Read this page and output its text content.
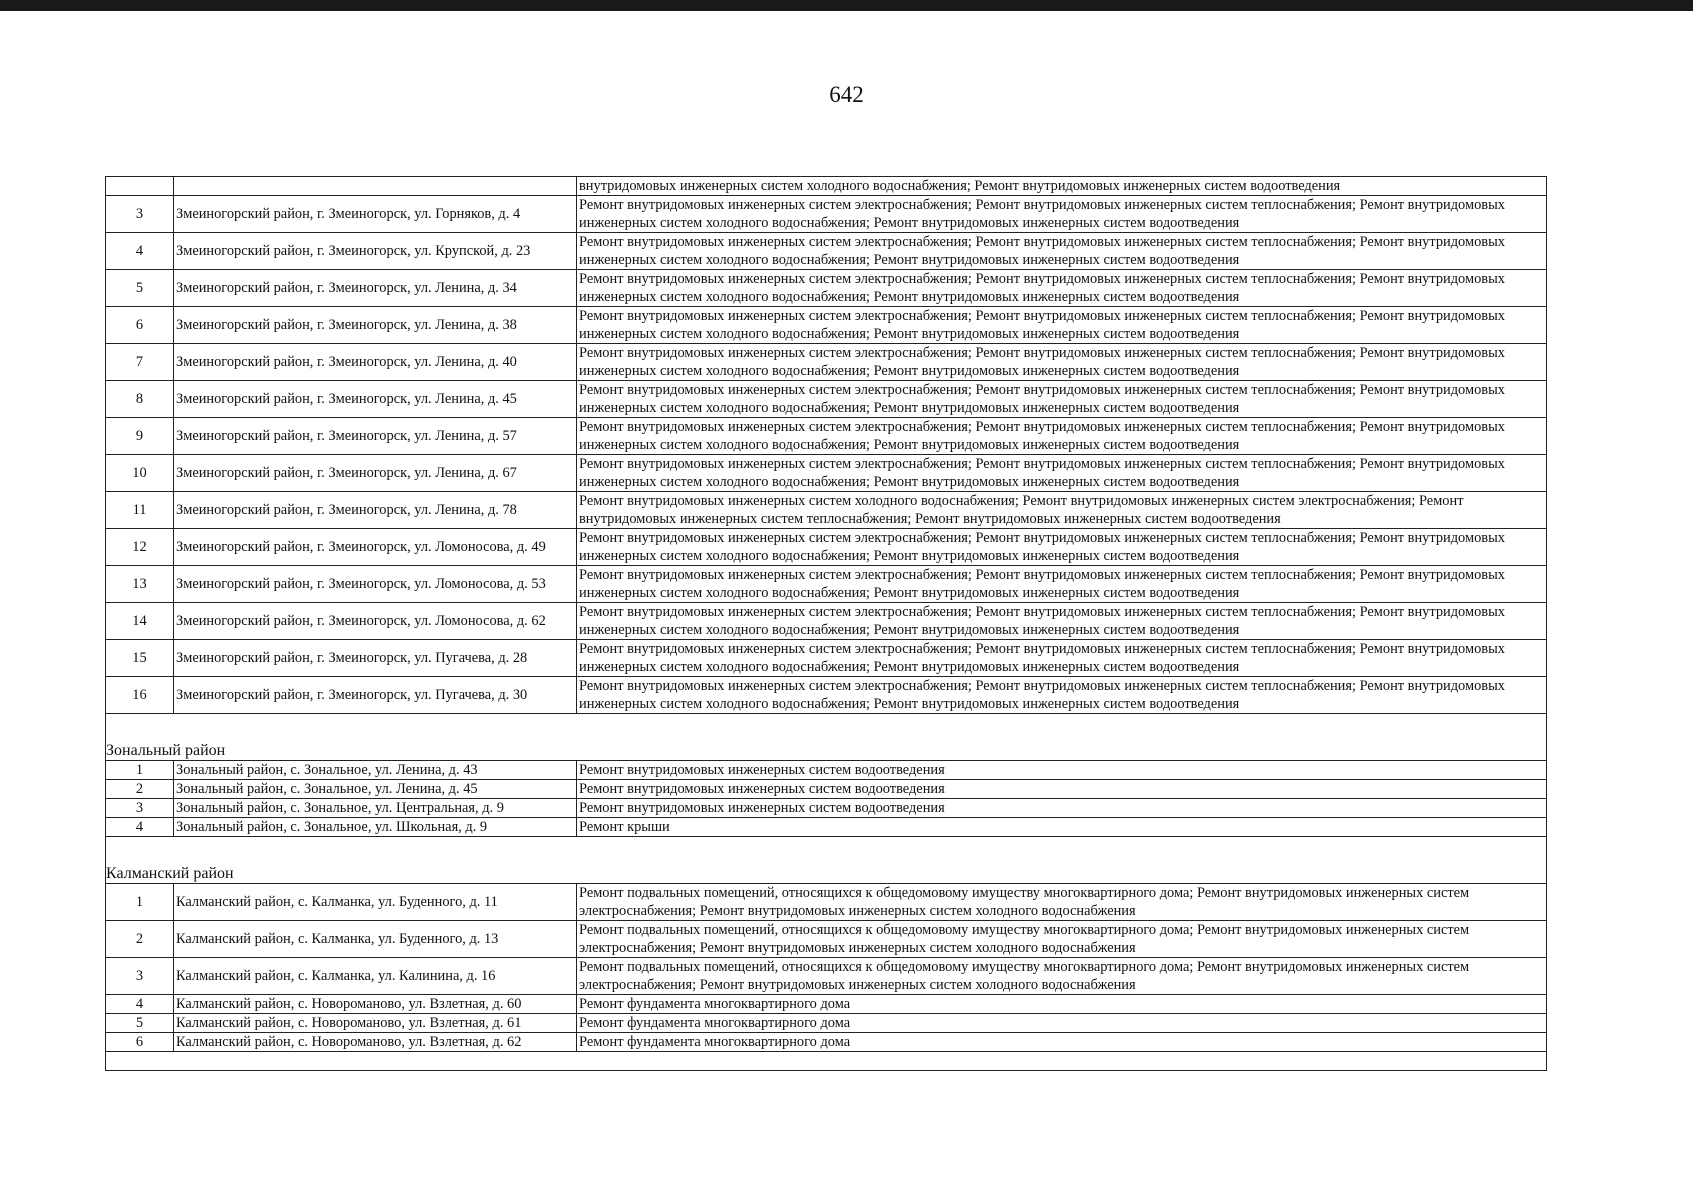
642
		внутридомовых инженерных систем холодного водоснабжения; Ремонт внутридомовых инженерных систем водоотведения
3	Змеиногорский район, г. Змеиногорск, ул. Горняков, д. 4	Ремонт внутридомовых инженерных систем электроснабжения; Ремонт внутридомовых инженерных систем теплоснабжения; Ремонт внутридомовых инженерных систем холодного водоснабжения; Ремонт внутридомовых инженерных систем водоотведения
4	Змеиногорский район, г. Змеиногорск, ул. Крупской, д. 23	Ремонт внутридомовых инженерных систем электроснабжения; Ремонт внутридомовых инженерных систем теплоснабжения; Ремонт внутридомовых инженерных систем холодного водоснабжения; Ремонт внутридомовых инженерных систем водоотведения
5	Змеиногорский район, г. Змеиногорск, ул. Ленина, д. 34	Ремонт внутридомовых инженерных систем электроснабжения; Ремонт внутридомовых инженерных систем теплоснабжения; Ремонт внутридомовых инженерных систем холодного водоснабжения; Ремонт внутридомовых инженерных систем водоотведения
6	Змеиногорский район, г. Змеиногорск, ул. Ленина, д. 38	Ремонт внутридомовых инженерных систем электроснабжения; Ремонт внутридомовых инженерных систем теплоснабжения; Ремонт внутридомовых инженерных систем холодного водоснабжения; Ремонт внутридомовых инженерных систем водоотведения
7	Змеиногорский район, г. Змеиногорск, ул. Ленина, д. 40	Ремонт внутридомовых инженерных систем электроснабжения; Ремонт внутридомовых инженерных систем теплоснабжения; Ремонт внутридомовых инженерных систем холодного водоснабжения; Ремонт внутридомовых инженерных систем водоотведения
8	Змеиногорский район, г. Змеиногорск, ул. Ленина, д. 45	Ремонт внутридомовых инженерных систем электроснабжения; Ремонт внутридомовых инженерных систем теплоснабжения; Ремонт внутридомовых инженерных систем холодного водоснабжения; Ремонт внутридомовых инженерных систем водоотведения
9	Змеиногорский район, г. Змеиногорск, ул. Ленина, д. 57	Ремонт внутридомовых инженерных систем электроснабжения; Ремонт внутридомовых инженерных систем теплоснабжения; Ремонт внутридомовых инженерных систем холодного водоснабжения; Ремонт внутридомовых инженерных систем водоотведения
10	Змеиногорский район, г. Змеиногорск, ул. Ленина, д. 67	Ремонт внутридомовых инженерных систем электроснабжения; Ремонт внутридомовых инженерных систем теплоснабжения; Ремонт внутридомовых инженерных систем холодного водоснабжения; Ремонт внутридомовых инженерных систем водоотведения
11	Змеиногорский район, г. Змеиногорск, ул. Ленина, д. 78	Ремонт внутридомовых инженерных систем холодного водоснабжения; Ремонт внутридомовых инженерных систем электроснабжения; Ремонт внутридомовых инженерных систем теплоснабжения; Ремонт внутридомовых инженерных систем водоотведения
12	Змеиногорский район, г. Змеиногорск, ул. Ломоносова, д. 49	Ремонт внутридомовых инженерных систем электроснабжения; Ремонт внутридомовых инженерных систем теплоснабжения; Ремонт внутридомовых инженерных систем холодного водоснабжения; Ремонт внутридомовых инженерных систем водоотведения
13	Змеиногорский район, г. Змеиногорск, ул. Ломоносова, д. 53	Ремонт внутридомовых инженерных систем электроснабжения; Ремонт внутридомовых инженерных систем теплоснабжения; Ремонт внутридомовых инженерных систем холодного водоснабжения; Ремонт внутридомовых инженерных систем водоотведения
14	Змеиногорский район, г. Змеиногорск, ул. Ломоносова, д. 62	Ремонт внутридомовых инженерных систем электроснабжения; Ремонт внутридомовых инженерных систем теплоснабжения; Ремонт внутридомовых инженерных систем холодного водоснабжения; Ремонт внутридомовых инженерных систем водоотведения
15	Змеиногорский район, г. Змеиногорск, ул. Пугачева, д. 28	Ремонт внутридомовых инженерных систем электроснабжения; Ремонт внутридомовых инженерных систем теплоснабжения; Ремонт внутридомовых инженерных систем холодного водоснабжения; Ремонт внутридомовых инженерных систем водоотведения
16	Змеиногорский район, г. Змеиногорск, ул. Пугачева, д. 30	Ремонт внутридомовых инженерных систем электроснабжения; Ремонт внутридомовых инженерных систем теплоснабжения; Ремонт внутридомовых инженерных систем холодного водоснабжения; Ремонт внутридомовых инженерных систем водоотведения

Зональный район		
1	Зональный район, с. Зональное, ул. Ленина, д. 43	Ремонт внутридомовых инженерных систем водоотведения
2	Зональный район, с. Зональное, ул. Ленина, д. 45	Ремонт внутридомовых инженерных систем водоотведения
3	Зональный район, с. Зональное, ул. Центральная, д. 9	Ремонт внутридомовых инженерных систем водоотведения
4	Зональный район, с. Зональное, ул. Школьная, д. 9	Ремонт крыши

Калманский район		
1	Калманский район, с. Калманка, ул. Буденного, д. 11	Ремонт подвальных помещений, относящихся к общедомовому имуществу многоквартирного дома; Ремонт внутридомовых инженерных систем электроснабжения; Ремонт внутридомовых инженерных систем холодного водоснабжения
2	Калманский район, с. Калманка, ул. Буденного, д. 13	Ремонт подвальных помещений, относящихся к общедомовому имуществу многоквартирного дома; Ремонт внутридомовых инженерных систем электроснабжения; Ремонт внутридомовых инженерных систем холодного водоснабжения
3	Калманский район, с. Калманка, ул. Калинина, д. 16	Ремонт подвальных помещений, относящихся к общедомовому имуществу многоквартирного дома; Ремонт внутридомовых инженерных систем электроснабжения; Ремонт внутридомовых инженерных систем холодного водоснабжения
4	Калманский район, с. Новороманово, ул. Взлетная, д. 60	Ремонт фундамента многоквартирного дома
5	Калманский район, с. Новороманово, ул. Взлетная, д. 61	Ремонт фундамента многоквартирного дома
6	Калманский район, с. Новороманово, ул. Взлетная, д. 62	Ремонт фундамента многоквартирного дома
